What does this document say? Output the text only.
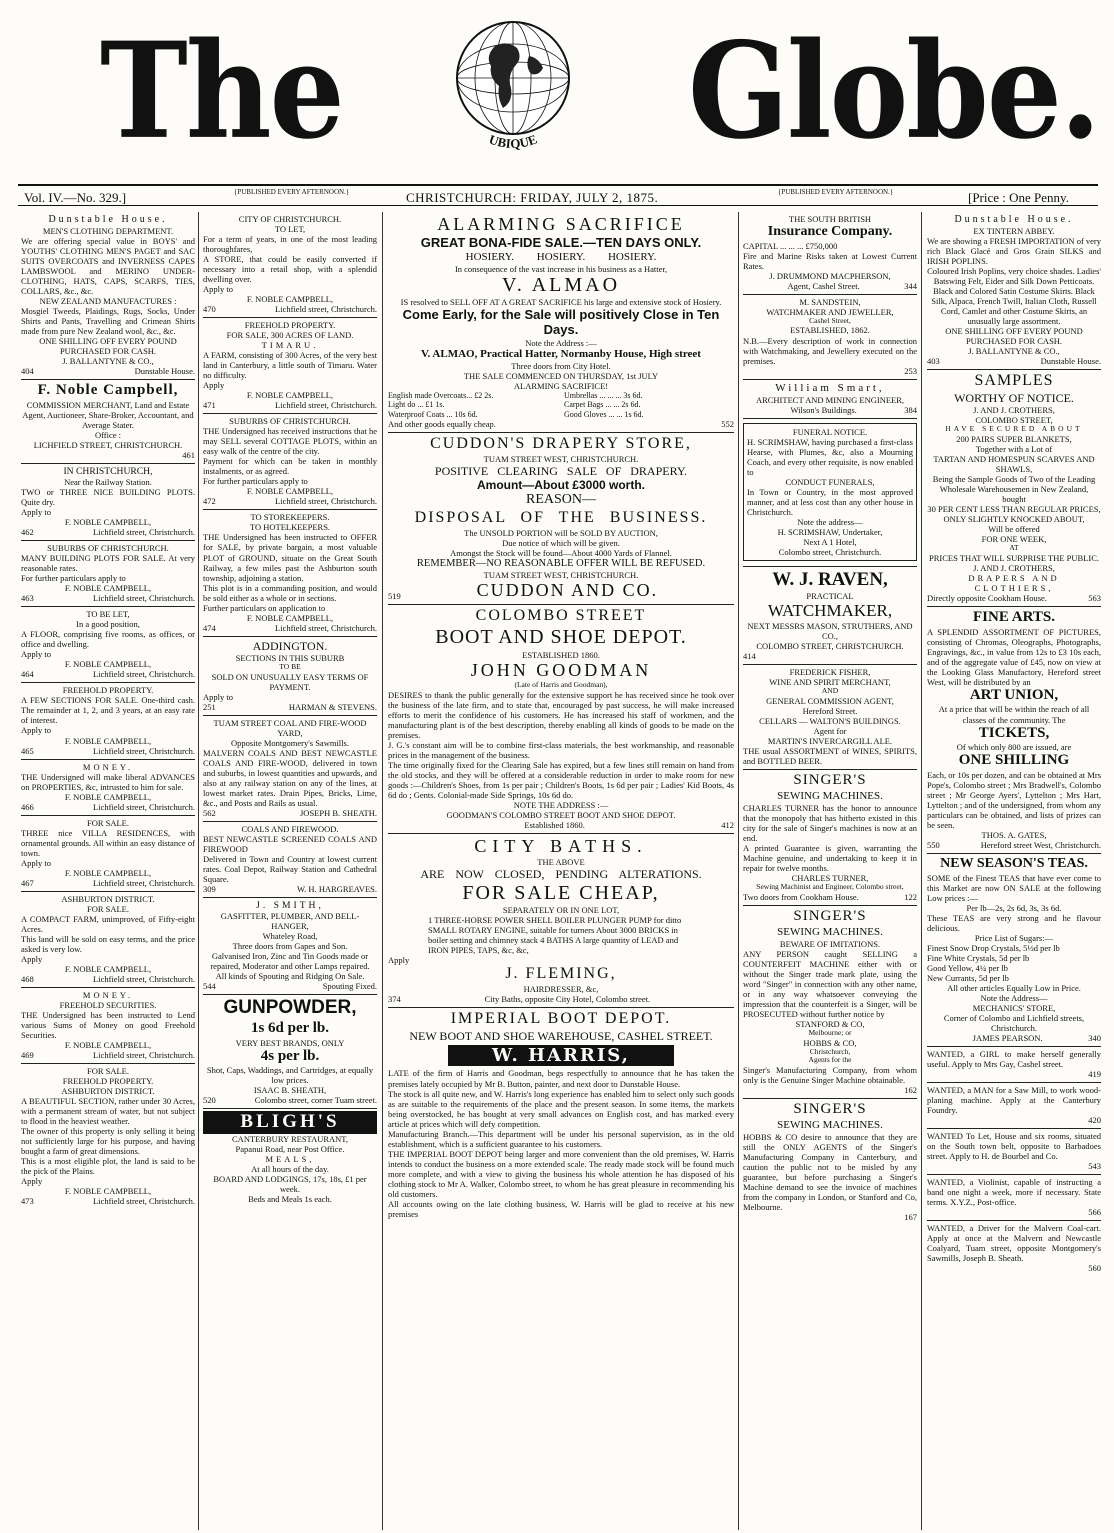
The	UBIQUE Globe.
Vol. IV.—No. 329.]	{PUBLISHED EVERY AFTERNOON.}	CHRISTCHURCH: FRIDAY, JULY 2, 1875.	{PUBLISHED EVERY AFTERNOON.}	[Price : One Penny.
Dunstable House.
MEN'S CLOTHING DEPARTMENT.
We are offering special value in BOYS' and YOUTHS' CLOTHING MEN'S PAGET and SAC SUITS OVERCOATS and INVERNESS CAPES LAMBSWOOL and MERINO UNDER-CLOTHING, HATS, CAPS, SCARFS, TIES, COLLARS, &c., &c.
NEW ZEALAND MANUFACTURES :
Mosgiel Tweeds, Plaidings, Rugs, Socks, Under Shirts and Pants, Travelling and Crimean Shirts made from pure New Zealand wool, &c., &c.
ONE SHILLING OFF EVERY POUND PURCHASED FOR CASH.
J. BALLANTYNE & CO.,
404	Dunstable House.
F. Noble Campbell,
COMMISSION MERCHANT, Land and Estate Agent, Auctioneer, Share-Broker, Accountant, and Average Stater.
Office :
LICHFIELD STREET, CHRISTCHURCH.
461
IN CHRISTCHURCH,
Near the Railway Station.
TWO or THREE NICE BUILDING PLOTS. Quite dry.
Apply to
F. NOBLE CAMPBELL,
462	Lichfield street, Christchurch.
SUBURBS OF CHRISTCHURCH.
MANY BUILDING PLOTS FOR SALE. At very reasonable rates.
For further particulars apply to
F. NOBLE CAMPBELL,
463	Lichfield street, Christchurch.
TO BE LET,
In a good position,
A FLOOR, comprising five rooms, as offices, or office and dwelling.
Apply to
F. NOBLE CAMPBELL,
464	Lichfield street, Christchurch.
FREEHOLD PROPERTY.
A FEW SECTIONS FOR SALE. One-third cash. The remainder at 1, 2, and 3 years, at an easy rate of interest.
Apply to
F. NOBLE CAMPBELL,
465	Lichfield street, Christchurch.
MONEY.
THE Undersigned will make liberal ADVANCES on PROPERTIES, &c, intrusted to him for sale.
F. NOBLE CAMPBELL,
466	Lichfield street, Christchurch.
FOR SALE.
THREE nice VILLA RESIDENCES, with ornamental grounds. All within an easy distance of town.
Apply to
F. NOBLE CAMPBELL,
467	Lichfield street, Christchurch.
ASHBURTON DISTRICT.
FOR SALE.
A COMPACT FARM, unimproved, of Fifty-eight Acres.
This land will be sold on easy terms, and the price asked is very low.
Apply
F. NOBLE CAMPBELL,
468	Lichfield street, Christchurch.
MONEY.
FREEHOLD SECURITIES.
THE Undersigned has been instructed to Lend various Sums of Money on good Freehold Securities.
F. NOBLE CAMPBELL,
469	Lichfield street, Christchurch.
FOR SALE.
FREEHOLD PROPERTY.
ASHBURTON DISTRICT.
A BEAUTIFUL SECTION, rather under 30 Acres, with a permanent stream of water, but not subject to flood in the heaviest weather.
The owner of this property is only selling it being not sufficiently large for his purpose, and having bought a farm of great dimensions.
This is a most eligible plot, the land is said to be the pick of the Plains.
Apply
F. NOBLE CAMPBELL,
473	Lichfield street, Christchurch.
CITY OF CHRISTCHURCH.
TO LET,
For a term of years, in one of the most leading thoroughfares,
A STORE, that could be easily converted if necessary into a retail shop, with a splendid dwelling over.
Apply to
F. NOBLE CAMPBELL,
470	Lichfield street, Christchurch.
FREEHOLD PROPERTY.
FOR SALE, 300 ACRES OF LAND.
TIMARU.
A FARM, consisting of 300 Acres, of the very best land in Canterbury, a little south of Timaru. Water no difficulty.
Apply
F. NOBLE CAMPBELL,
471	Lichfield street, Christchurch.
SUBURBS OF CHRISTCHURCH.
THE Undersigned has received instructions that he may SELL several COTTAGE PLOTS, within an easy walk of the centre of the city.
Payment for which can be taken in monthly instalments, or as agreed.
For further particulars apply to
F. NOBLE CAMPBELL,
472	Lichfield street, Christchurch.
TO STOREKEEPERS.
TO HOTELKEEPERS.
THE Undersigned has been instructed to OFFER for SALE, by private bargain, a most valuable PLOT of GROUND, situate on the Great South Railway, a few miles past the Ashburton south township, adjoining a station.
This plot is in a commanding position, and would be sold either as a whole or in sections.
Further particulars on application to
F. NOBLE CAMPBELL,
474	Lichfield street, Christchurch.
ADDINGTON.
SECTIONS IN THIS SUBURB
TO BE
SOLD ON UNUSUALLY EASY TERMS OF PAYMENT.
Apply to
251	HARMAN & STEVENS.
TUAM STREET COAL AND FIRE-WOOD YARD,
Opposite Montgomery's Sawmills.
MALVERN COALS AND BEST NEWCASTLE COALS AND FIRE-WOOD, delivered in town and suburbs, in lowest quantities and upwards, and also at any railway station on any of the lines, at lowest market rates. Drain Pipes, Bricks, Lime, &c., and Posts and Rails as usual.
562	JOSEPH B. SHEATH.
COALS AND FIREWOOD.
BEST NEWCASTLE SCREENED COALS AND FIREWOOD
Delivered in Town and Country at lowest current rates. Coal Depot, Railway Station and Cathedral Square.
309	W. H. HARGREAVES.
J. SMITH,
GASFITTER, PLUMBER, AND BELL-HANGER,
Whateley Road,
Three doors from Gapes and Son.
Galvanised Iron, Zinc and Tin Goods made or repaired, Moderator and other Lamps repaired.
All kinds of Spouting and Ridging On Sale.
544	Spouting Fixed.
GUNPOWDER,
1s 6d per lb.
VERY BEST BRANDS, ONLY
4s per lb.
Shot, Caps, Waddings, and Cartridges, at equally low prices.
ISAAC B. SHEATH,
520	Colombo street, corner Tuam street.
BLIGH'S
CANTERBURY RESTAURANT,
Papanui Road, near Post Office.
MEALS,
At all hours of the day.
BOARD AND LODGINGS, 17s, 18s, £1 per week.
Beds and Meals 1s each.
ALARMING SACRIFICE
GREAT BONA-FIDE SALE.—TEN DAYS ONLY.
HOSIERY. HOSIERY. HOSIERY.
In consequence of the vast increase in his business as a Hatter,
V. ALMAO
IS resolved to SELL OFF AT A GREAT SACRIFICE his large and extensive stock of Hosiery.
Come Early, for the Sale will positively Close in Ten Days.
Note the Address :—
V. ALMAO, Practical Hatter, Normanby House, High street
Three doors from City Hotel.
THE SALE COMMENCED ON THURSDAY, 1st JULY
ALARMING SACRIFICE!
English made Overcoats... £2 2s.	Umbrellas ... ... ... 3s 6d.
Light do ... £1 1s.	Carpet Bags ... ... 2s 6d.
Waterproof Coats ... 10s 6d.	Good Gloves ... ... 1s 6d.
And other goods equally cheap.	552
CUDDON'S DRAPERY STORE,
TUAM STREET WEST, CHRISTCHURCH.
POSITIVE CLEARING SALE OF DRAPERY.
Amount—About £3000 worth.
REASON—
DISPOSAL OF THE BUSINESS.
The UNSOLD PORTION will be SOLD BY AUCTION,
Due notice of which will be given.
Amongst the Stock will be found—About 4000 Yards of Flannel.
REMEMBER—NO REASONABLE OFFER WILL BE REFUSED.
TUAM STREET WEST, CHRISTCHURCH.
519	CUDDON AND CO.
COLOMBO STREET
BOOT AND SHOE DEPOT.
ESTABLISHED 1860.
JOHN GOODMAN
(Late of Harris and Goodman),
DESIRES to thank the public generally for the extensive support he has received since he took over the business of the late firm, and to state that, encouraged by past success, he will make increased efforts to merit the confidence of his customers. He has increased his staff of workmen, and the manufacturing plant is of the best description, thereby enabling all kinds of goods to be made on the premises.
J. G.'s constant aim will be to combine first-class materials, the best workmanship, and reasonable prices in the management of the business.
The time originally fixed for the Clearing Sale has expired, but a few lines still remain on hand from the old stocks, and they will be offered at a considerable reduction in order to make room for new goods :—Children's Shoes, from 1s per pair ; Children's Boots, 1s 6d per pair ; Ladies' Kid Boots, 4s 6d do ; Gents. Colonial-made Side Springs, 10s 6d do.
NOTE THE ADDRESS :—
GOODMAN'S COLOMBO STREET BOOT AND SHOE DEPOT.
Established 1860.	412
CITY BATHS.
THE ABOVE
ARE NOW CLOSED, PENDING ALTERATIONS.
FOR SALE CHEAP,
SEPARATELY OR IN ONE LOT,
1 THREE-HORSE POWER SHELL BOILER PLUNGER PUMP for ditto SMALL ROTARY ENGINE, suitable for turners About 3000 BRICKS in boiler setting and chimney stack 4 BATHS A large quantity of LEAD and IRON PIPES, TAPS, &c, &c,
Apply
J. FLEMING,
HAIRDRESSER, &c,
374	City Baths, opposite City Hotel, Colombo street.
IMPERIAL BOOT DEPOT.
NEW BOOT AND SHOE WAREHOUSE, CASHEL STREET.
W. HARRIS,
LATE of the firm of Harris and Goodman, begs respectfully to announce that he has taken the premises lately occupied by Mr B. Button, painter, and next door to Dunstable House.
The stock is all quite new, and W. Harris's long experience has enabled him to select only such goods as are suitable to the requirements of the place and the present season. In some items, the markets being overstocked, he has bought at very small advances on English cost, and has marked every article at prices which will defy competition.
Manufacturing Branch.—This department will be under his personal supervision, as in the old establishment, which is a sufficient guarantee to his customers.
THE IMPERIAL BOOT DEPOT being larger and more convenient than the old premises, W. Harris intends to conduct the business on a more extended scale. The ready made stock will be found much more complete, and with a view to giving the business his whole attention he has disposed of his clothing stock to Mr A. Walker, Colombo street, to whom he has great pleasure in recommending his old customers.
All accounts owing on the late clothing business, W. Harris will be glad to receive at his new premises
THE SOUTH BRITISH
Insurance Company.
CAPITAL ... ... ... £750,000
Fire and Marine Risks taken at Lowest Current Rates.
J. DRUMMOND MACPHERSON,
Agent, Cashel Street.	344
M. SANDSTEIN,
WATCHMAKER AND JEWELLER,
Cashel Street,
ESTABLISHED, 1862.
N.B.—Every description of work in connection with Watchmaking, and Jewellery executed on the premises.
253
William Smart,
ARCHITECT AND MINING ENGINEER,
Wilson's Buildings.	384
FUNERAL NOTICE.
H. SCRIMSHAW, having purchased a first-class Hearse, with Plumes, &c, also a Mourning Coach, and every other requisite, is now enabled to
CONDUCT FUNERALS,
In Town or Country, in the most approved manner, and at less cost than any other house in Christchurch.
Note the address—
H. SCRIMSHAW, Undertaker,
Next A 1 Hotel,
Colombo street, Christchurch.
W. J. RAVEN,
PRACTICAL
WATCHMAKER,
NEXT MESSRS MASON, STRUTHERS, AND CO.,
COLOMBO STREET, CHRISTCHURCH.
414
FREDERICK FISHER,
WINE AND SPIRIT MERCHANT,
AND
GENERAL COMMISSION AGENT,
Hereford Street.
CELLARS — WALTON'S BUILDINGS.
Agent for
MARTIN'S INVERCARGILL ALE.
THE usual ASSORTMENT of WINES, SPIRITS, and BOTTLED BEER.
SINGER'S
SEWING MACHINES.
CHARLES TURNER has the honor to announce that the monopoly that has hitherto existed in this city for the sale of Singer's machines is now at an end.
A printed Guarantee is given, warranting the Machine genuine, and undertaking to keep it in repair for twelve months.
CHARLES TURNER,
Sewing Machinist and Engineer, Colombo street,
Two doors from Cookham House.	122
SINGER'S
SEWING MACHINES.
BEWARE OF IMITATIONS.
ANY PERSON caught SELLING a COUNTERFEIT MACHINE either with or without the Singer trade mark plate, using the word "Singer" in connection with any other name, or in any way whatsoever conveying the impression that the counterfeit is a Singer, will be PROSECUTED without further notice by
STANFORD & CO,
Melbourne; or
HOBBS & CO,
Christchurch,
Agents for the
Singer's Manufacturing Company, from whom only is the Genuine Singer Machine obtainable.
162
SINGER'S
SEWING MACHINES.
HOBBS & CO desire to announce that they are still the ONLY AGENTS of the Singer's Manufacturing Company in Canterbury, and caution the public not to be misled by any guarantee, but before purchasing a Singer's Machine demand to see the invoice of machines from the company in London, or Stanford and Co, Melbourne.
167
Dunstable House.
EX TINTERN ABBEY.
We are showing a FRESH IMPORTATION of very rich Black Glacé and Gros Grain SILKS and IRISH POPLINS.
Coloured Irish Poplins, very choice shades. Ladies' Batswing Felt, Eider and Silk Down Petticoats. Black and Colored Satin Costume Skirts. Black Silk, Alpaca, French Twill, Italian Cloth, Russell Cord, Camlet and other Costume Skirts, an unusually large assortment.
ONE SHILLING OFF EVERY POUND PURCHASED FOR CASH.
J. BALLANTYNE & CO.,
403	Dunstable House.
SAMPLES
WORTHY OF NOTICE.
J. AND J. CROTHERS,
COLOMBO STREET,
HAVE SECURED ABOUT
200 PAIRS SUPER BLANKETS,
Together with a Lot of
TARTAN AND HOMESPUN SCARVES AND SHAWLS,
Being the Sample Goods of Two of the Leading Wholesale Warehousemen in New Zealand, bought
30 PER CENT LESS THAN REGULAR PRICES,
ONLY SLIGHTLY KNOCKED ABOUT,
Will be offered
FOR ONE WEEK,
AT
PRICES THAT WILL SURPRISE THE PUBLIC.
J. AND J. CROTHERS,
DRAPERS AND CLOTHIERS,
Directly opposite Cookham House.	563
FINE ARTS.
A SPLENDID ASSORTMENT OF PICTURES, consisting of Chromas, Oleographs, Photographs, Engravings, &c., in value from 12s to £3 10s each, and of the aggregate value of £45, now on view at the Looking Glass Manufactory, Hereford street West, will be distributed by an
ART UNION,
At a price that will be within the reach of all classes of the community. The
TICKETS,
Of which only 800 are issued, are
ONE SHILLING
Each, or 10s per dozen, and can be obtained at Mrs Pope's, Colombo street ; Mrs Bradwell's, Colombo street ; Mr George Ayers', Lyttelton ; Mrs Hart, Lyttelton ; and of the undersigned, from whom any particulars can be obtained, and lists of prizes can be seen.
THOS. A. GATES,
550	Hereford street West, Christchurch.
NEW SEASON'S TEAS.
SOME of the Finest TEAS that have ever come to this Market are now ON SALE at the following Low prices :—
Per lb—2s, 2s 6d, 3s, 3s 6d.
These TEAS are very strong and he flavour delicious.
Price List of Sugars:—
Finest Snow Drop Crystals, 5½d per lb
Fine White Crystals, 5d per lb
Good Yellow, 4¼ per lb
New Currants, 5d per lb
All other articles Equally Low in Price.
Note the Address—
MECHANICS' STORE,
Corner of Colombo and Lichfield streets, Christchurch.
JAMES PEARSON.	340
WANTED, a GIRL to make herself generally useful. Apply to Mrs Gay, Cashel street.
419
WANTED, a MAN for a Saw Mill, to work wood-planing machine. Apply at the Canterbury Foundry.
420
WANTED To Let, House and six rooms, situated on the South town belt, opposite to Barbadoes street. Apply to H. de Bourbel and Co.
543
WANTED, a Violinist, capable of instructing a band one night a week, more if necessary. State terms. X.Y.Z., Post-office.
566
WANTED, a Driver for the Malvern Coal-cart. Apply at once at the Malvern and Newcastle Coalyard, Tuam street, opposite Montgomery's Sawmills, Joseph B. Sheath.
560
